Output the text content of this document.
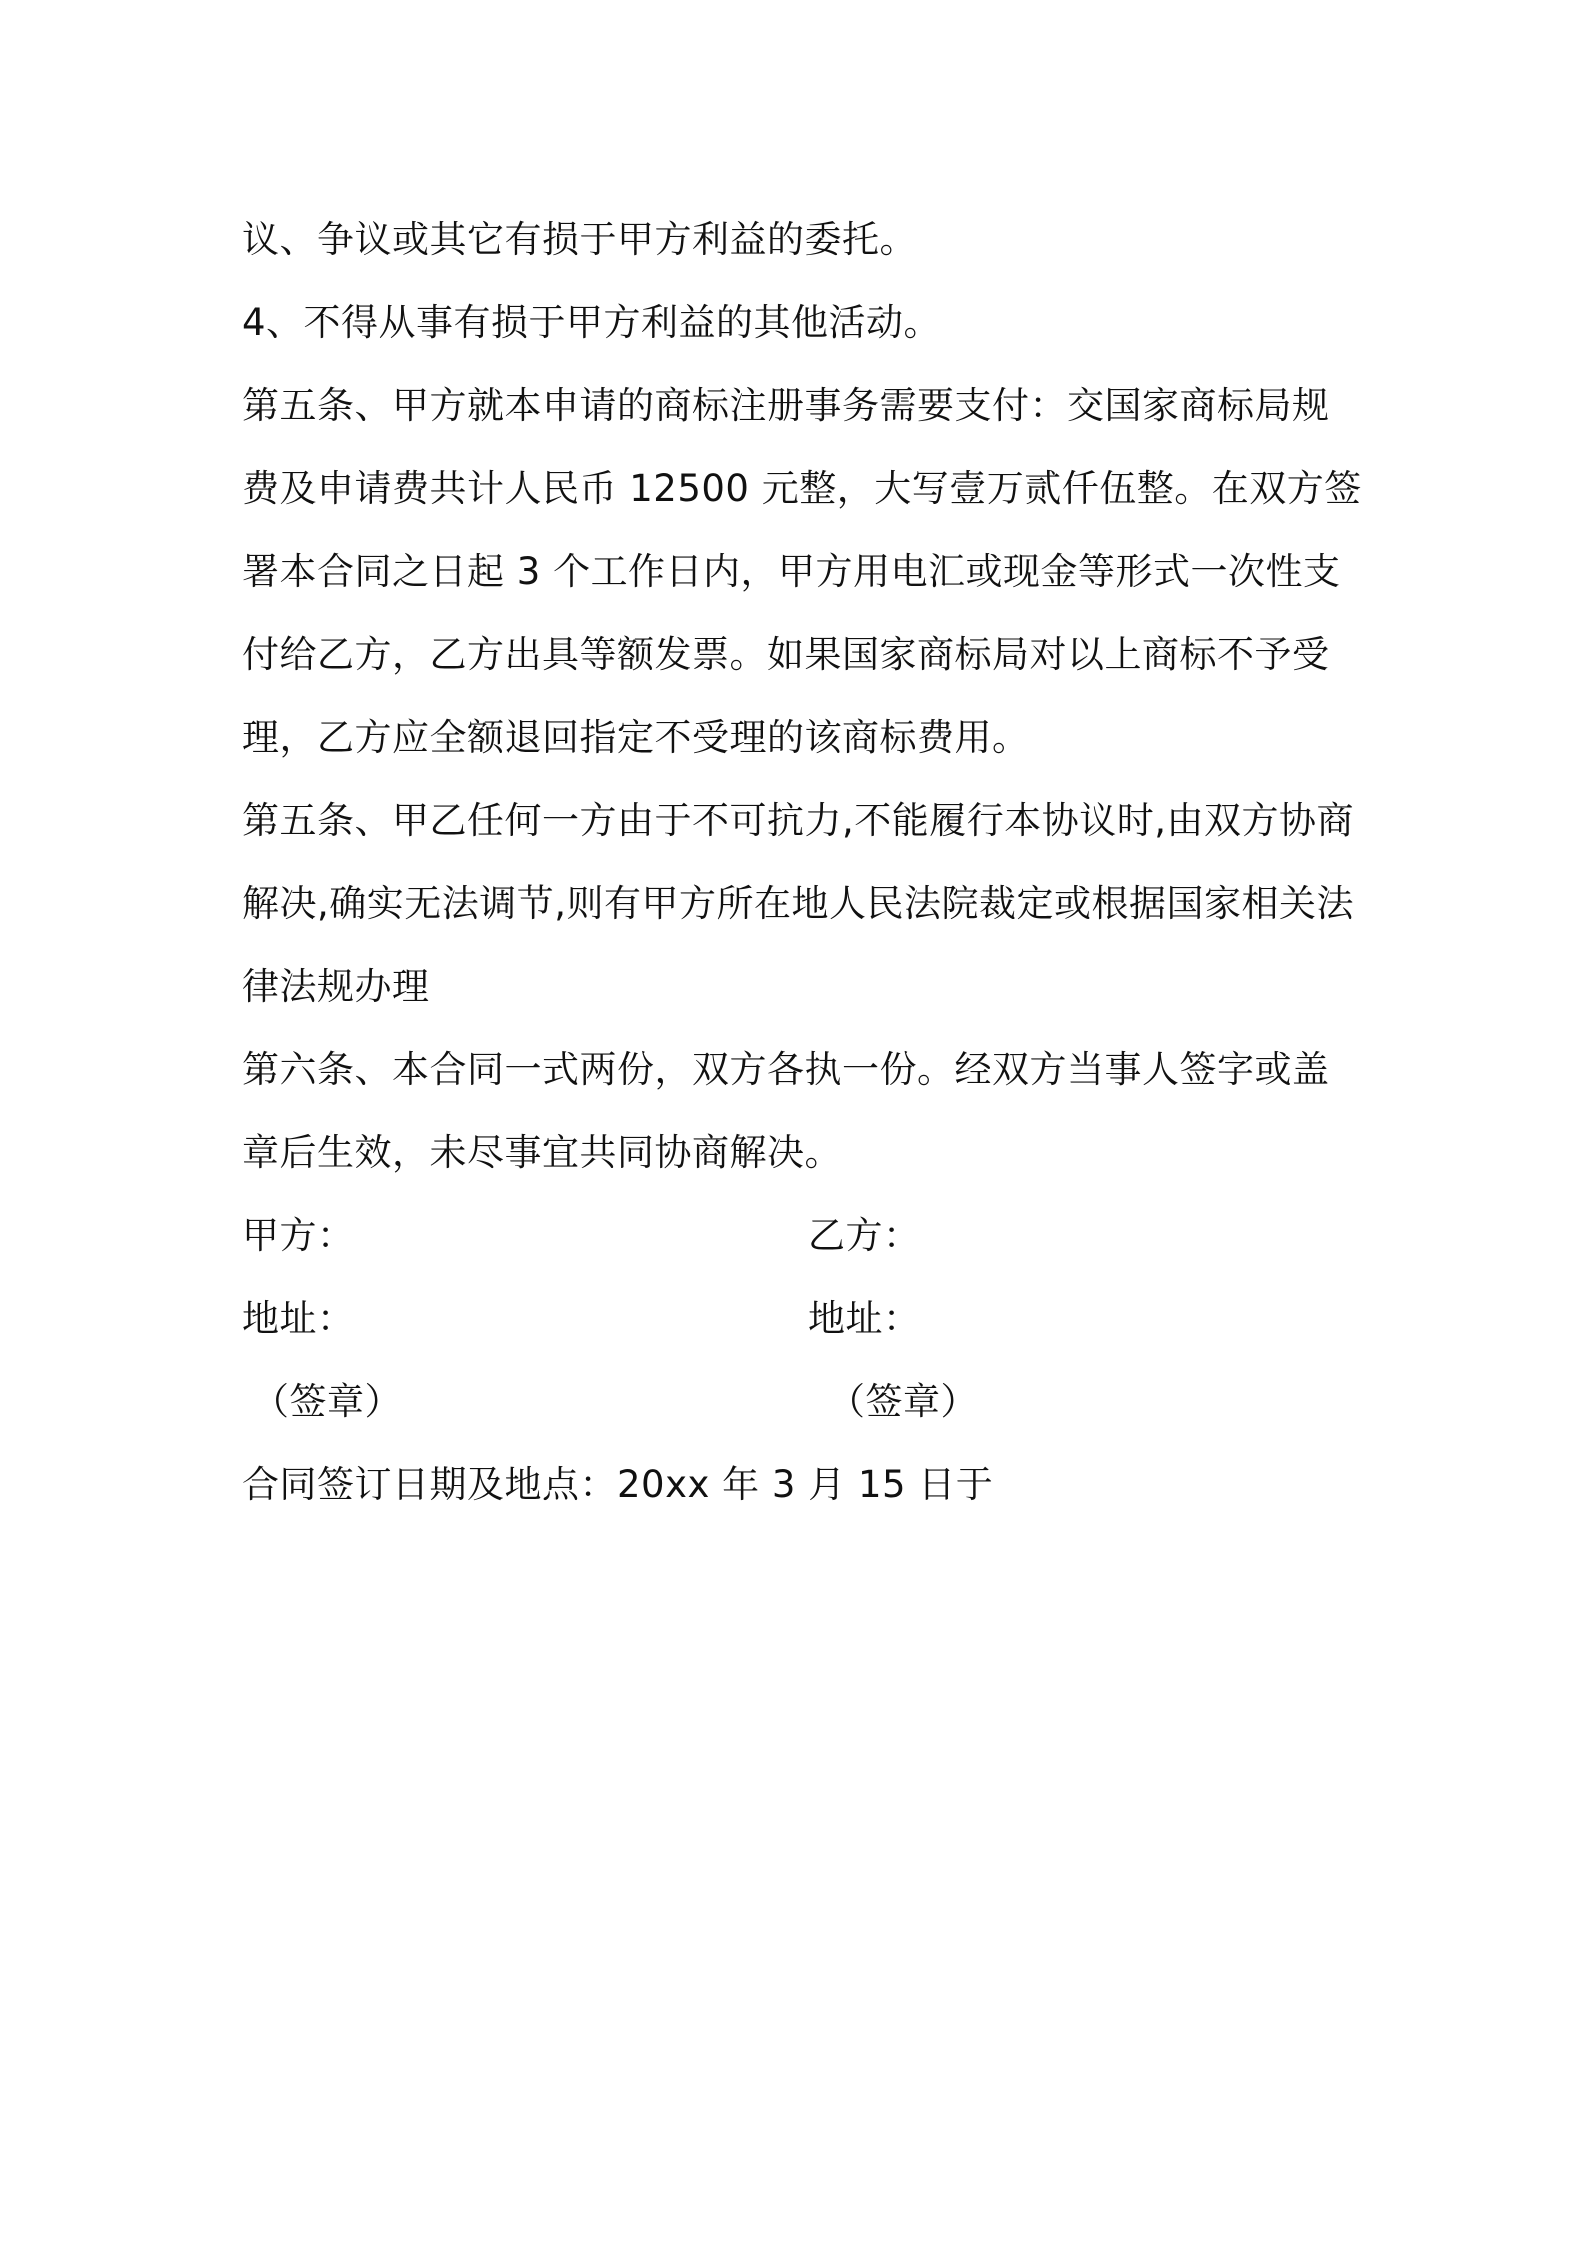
议、争议或其它有损于甲方利益的委托。

4、不得从事有损于甲方利益的其他活动。

第五条、甲方就本申请的商标注册事务需要支付：交国家商标局规费及申请费共计人民币 12500 元整，大写壹万贰仟伍整。在双方签署本合同之日起 3 个工作日内，甲方用电汇或现金等形式一次性支付给乙方，乙方出具等额发票。如果国家商标局对以上商标不予受理，乙方应全额退回指定不受理的该商标费用。

第五条、甲乙任何一方由于不可抗力,不能履行本协议时,由双方协商解决,确实无法调节,则有甲方所在地人民法院裁定或根据国家相关法律法规办理

第六条、本合同一式两份，双方各执一份。经双方当事人签字或盖章后生效，未尽事宜共同协商解决。

甲方：	乙方：
地址：	地址：
（签章）	（签章）

合同签订日期及地点：20xx 年 3 月 15 日于
